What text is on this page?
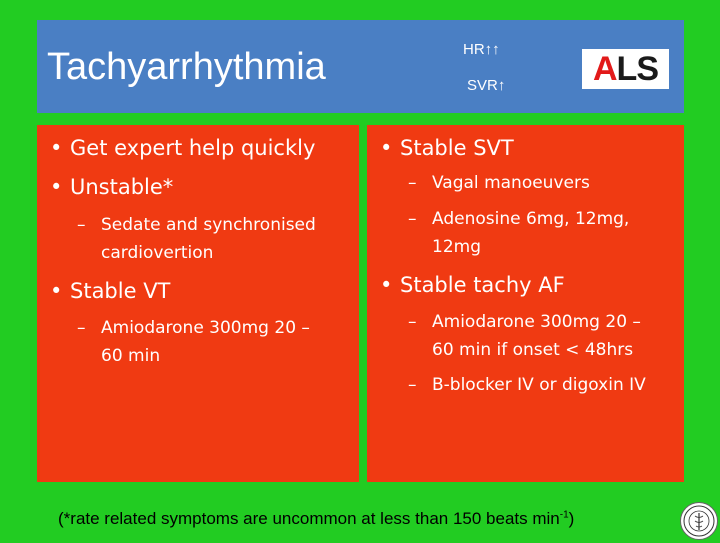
Tachyarrhythmia	HR↑↑
SVR↑	A LS
• Get expert help quickly
• Unstable*
– Sedate and synchronised
cardiovertion
• Stable VT
– Amiodarone 300mg 20 –
60 min
• Stable SVT
– Vagal manoeuvers
– Adenosine 6mg, 12mg,
12mg
• Stable tachy AF
– Amiodarone 300mg 20 –
60 min if onset < 48hrs
– B-blocker IV or digoxin IV
(*rate related symptoms are uncommon at less than 150 beats $\min^{-1}$)
